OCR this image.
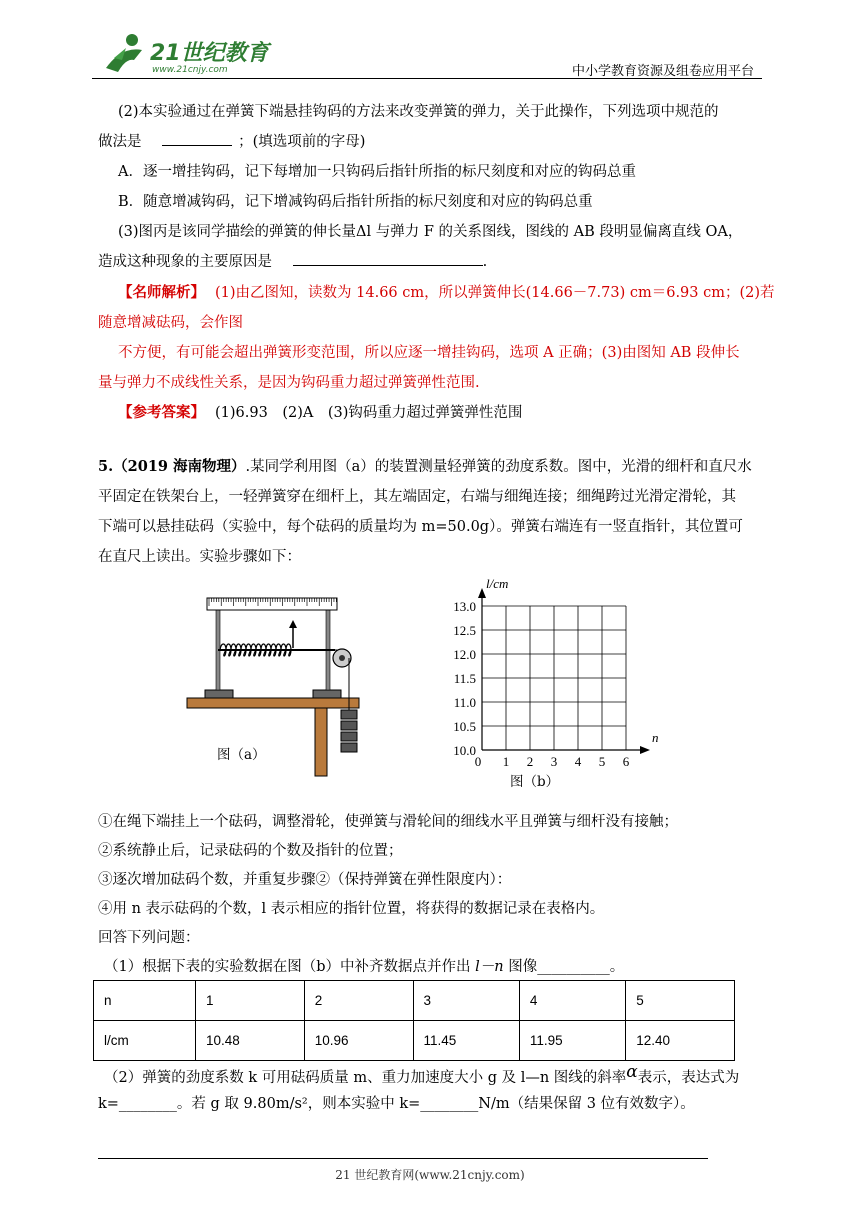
21世纪教育
www.21cnjy.com	中小学教育资源及组卷应用平台
(2)本实验通过在弹簧下端悬挂钩码的方法来改变弹簧的弹力，关于此操作，下列选项中规范的
做法是	；(填选项前的字母)
A．逐一增挂钩码，记下每增加一只钩码后指针所指的标尺刻度和对应的钩码总重
B．随意增减钩码，记下增减钩码后指针所指的标尺刻度和对应的钩码总重
(3)图丙是该同学描绘的弹簧的伸长量Δl 与弹力 F 的关系图线，图线的 AB 段明显偏离直线 OA，
造成这种现象的主要原因是	.
【名师解析】 (1)由乙图知，读数为 14.66 cm，所以弹簧伸长(14.66－7.73) cm＝6.93 cm；(2)若
随意增减砝码，会作图
不方便，有可能会超出弹簧形变范围，所以应逐一增挂钩码，选项 A 正确；(3)由图知 AB 段伸长
量与弹力不成线性关系，是因为钩码重力超过弹簧弹性范围.
【参考答案】 (1)6.93　(2)A　(3)钩码重力超过弹簧弹性范围
5.（2019 海南物理）.某同学利用图（a）的装置测量轻弹簧的劲度系数。图中，光滑的细杆和直尺水
平固定在铁架台上，一轻弹簧穿在细杆上，其左端固定，右端与细绳连接；细绳跨过光滑定滑轮，其
下端可以悬挂砝码（实验中，每个砝码的质量均为 m=50.0g）。弹簧右端连有一竖直指针，其位置可
在直尺上读出。实验步骤如下：
图（a）	10.0
10.5
11.0
11.5
12.0
12.5
13.0
0 1 2 3 4 5 6
l/cm
n
图（b）
①在绳下端挂上一个砝码，调整滑轮，使弹簧与滑轮间的细线水平且弹簧与细杆没有接触；
②系统静止后，记录砝码的个数及指针的位置；
③逐次增加砝码个数，并重复步骤②（保持弹簧在弹性限度内）：
④用 n 表示砝码的个数，l 表示相应的指针位置，将获得的数据记录在表格内。
回答下列问题：
（1）根据下表的实验数据在图（b）中补齐数据点并作出 l－n 图像__________。
n	1	2	3	4	5
l/cm	10.48	10.96	11.45	11.95	12.40
（2）弹簧的劲度系数 k 可用砝码质量 m、重力加速度大小 g 及 l—n 图线的斜率α表示，表达式为
k=________。若 g 取 9.80m/s²，则本实验中 k=________N/m（结果保留 3 位有效数字）。
21 世纪教育网(www.21cnjy.com)
